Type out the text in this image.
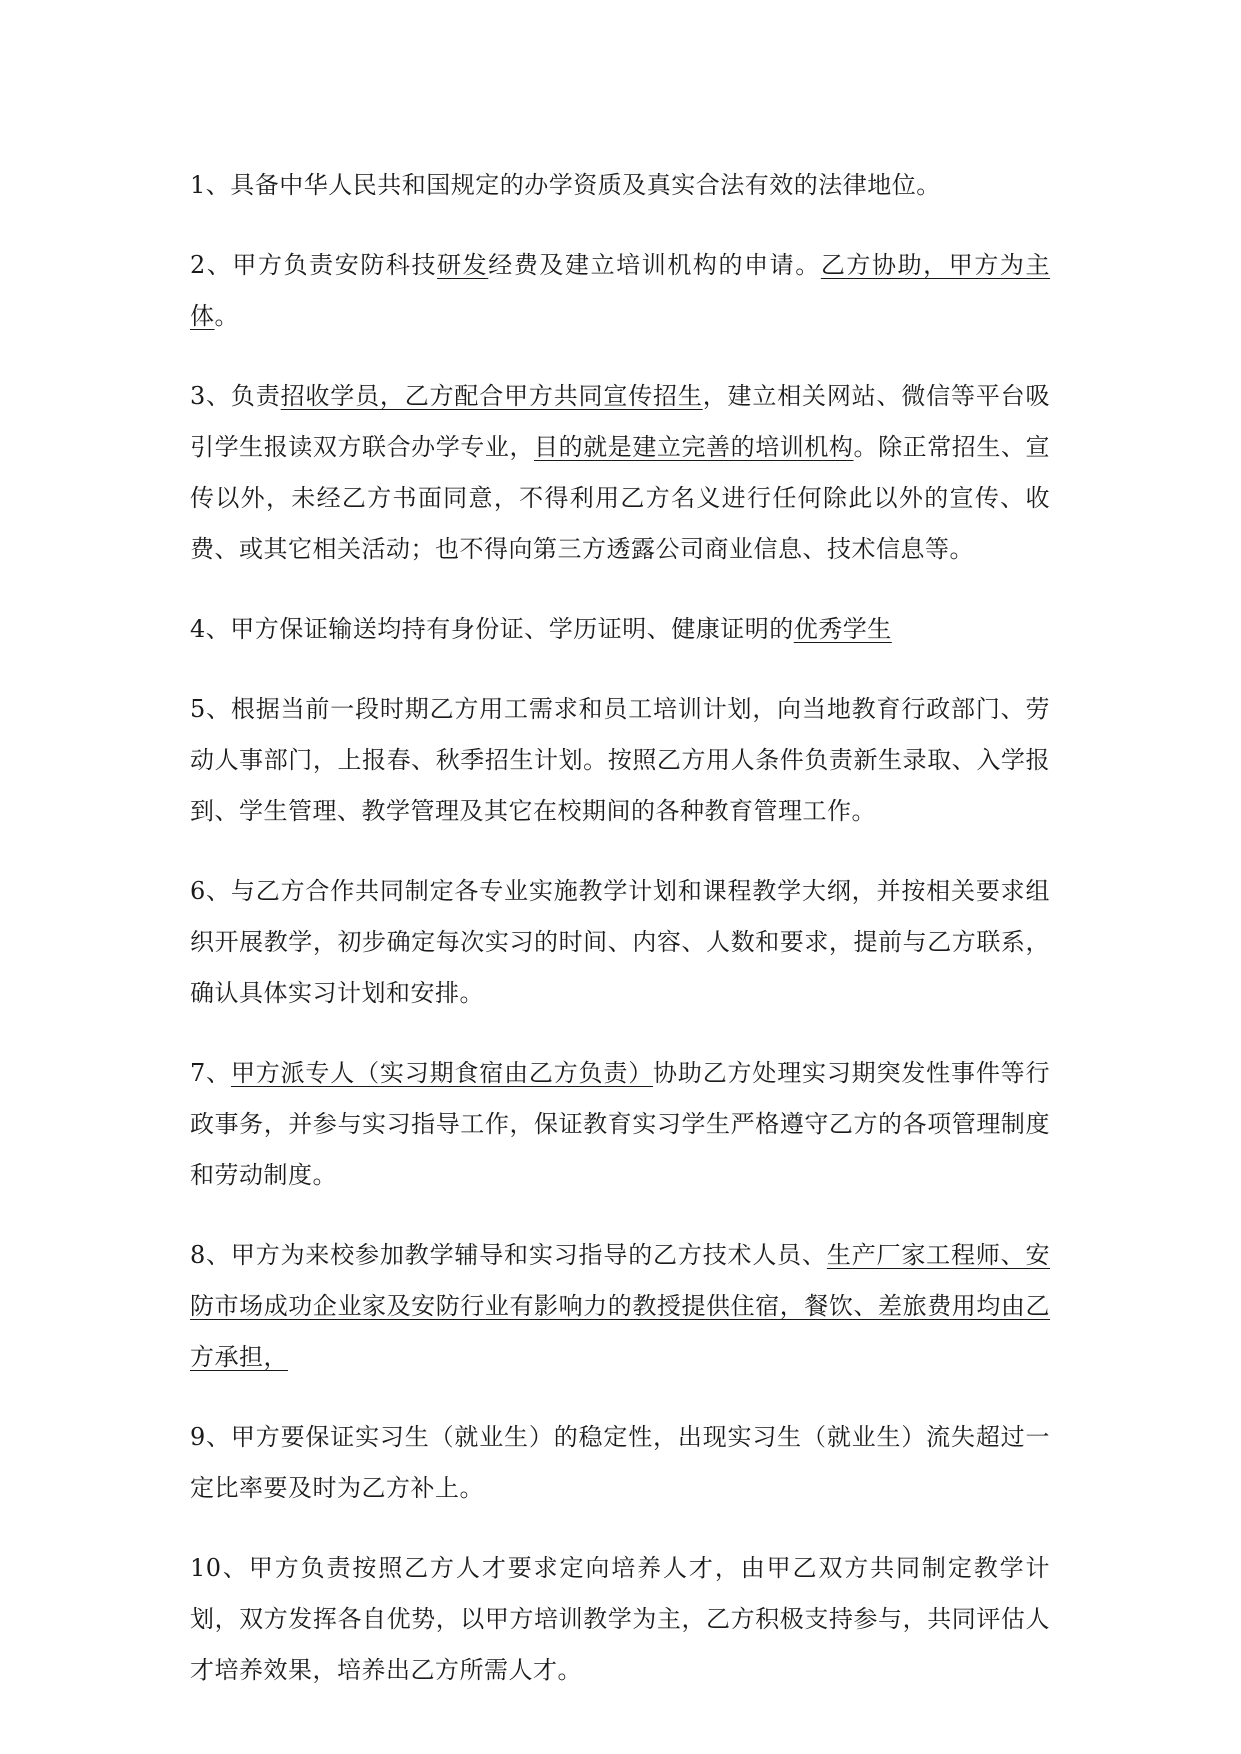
1、具备中华人民共和国规定的办学资质及真实合法有效的法律地位。

2、甲方负责安防科技研发经费及建立培训机构的申请。乙方协助，甲方为主体。

3、负责招收学员，乙方配合甲方共同宣传招生，建立相关网站、微信等平台吸引学生报读双方联合办学专业，目的就是建立完善的培训机构。除正常招生、宣传以外，未经乙方书面同意，不得利用乙方名义进行任何除此以外的宣传、收费、或其它相关活动；也不得向第三方透露公司商业信息、技术信息等。

4、甲方保证输送均持有身份证、学历证明、健康证明的优秀学生

5、根据当前一段时期乙方用工需求和员工培训计划，向当地教育行政部门、劳动人事部门，上报春、秋季招生计划。按照乙方用人条件负责新生录取、入学报到、学生管理、教学管理及其它在校期间的各种教育管理工作。

6、与乙方合作共同制定各专业实施教学计划和课程教学大纲，并按相关要求组织开展教学，初步确定每次实习的时间、内容、人数和要求，提前与乙方联系，确认具体实习计划和安排。

7、甲方派专人（实习期食宿由乙方负责）协助乙方处理实习期突发性事件等行政事务，并参与实习指导工作，保证教育实习学生严格遵守乙方的各项管理制度和劳动制度。

8、甲方为来校参加教学辅导和实习指导的乙方技术人员、生产厂家工程师、安防市场成功企业家及安防行业有影响力的教授提供住宿，餐饮、差旅费用均由乙方承担，

9、甲方要保证实习生（就业生）的稳定性，出现实习生（就业生）流失超过一定比率要及时为乙方补上。

10、甲方负责按照乙方人才要求定向培养人才，由甲乙双方共同制定教学计划，双方发挥各自优势，以甲方培训教学为主，乙方积极支持参与，共同评估人才培养效果，培养出乙方所需人才。
